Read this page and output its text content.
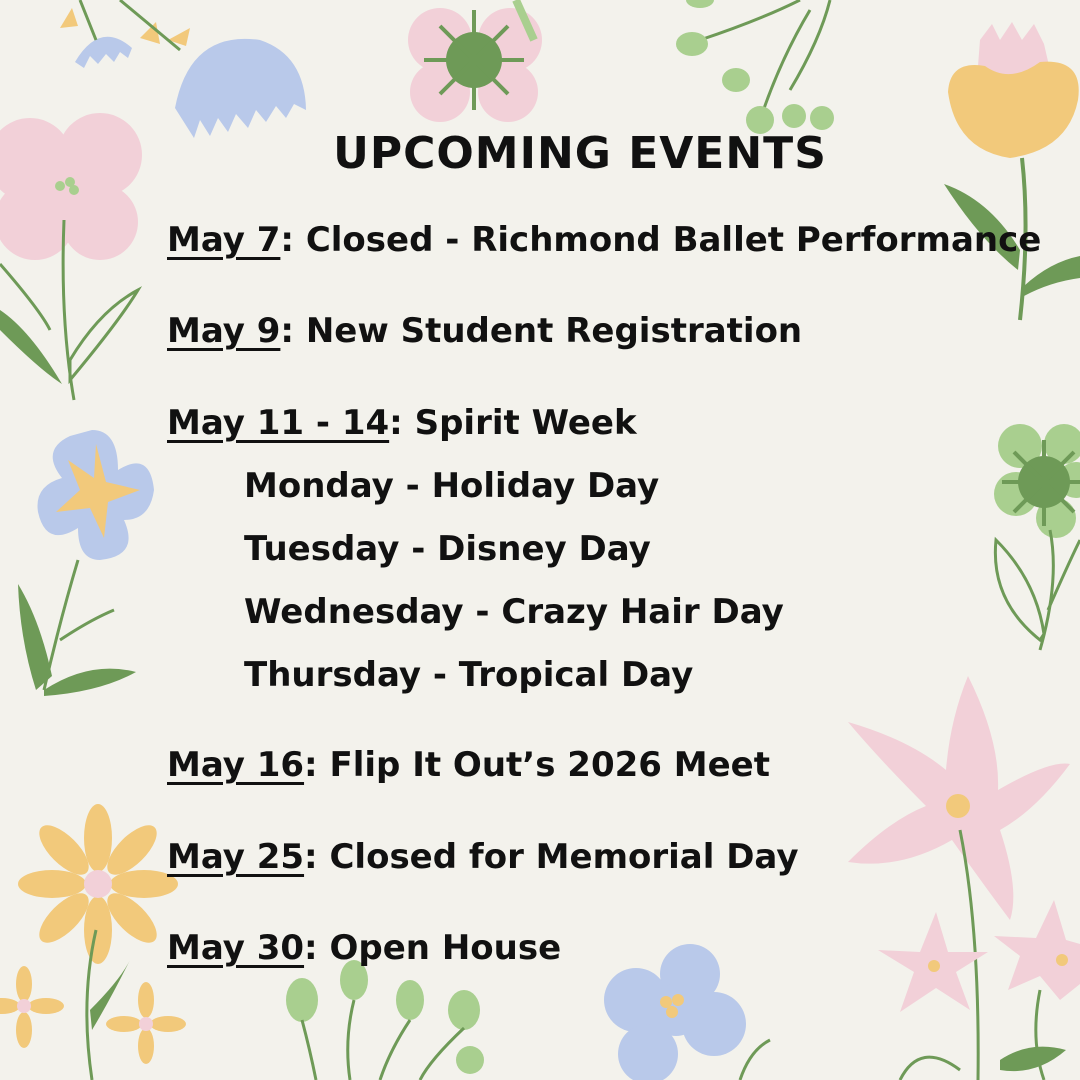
UPCOMING EVENTS
May 7: Closed - Richmond Ballet Performance
May 9: New Student Registration
May 11 - 14: Spirit Week
Monday - Holiday Day
Tuesday - Disney Day
Wednesday - Crazy Hair Day
Thursday - Tropical Day
May 16: Flip It Out’s 2026 Meet
May 25: Closed for Memorial Day
May 30: Open House
